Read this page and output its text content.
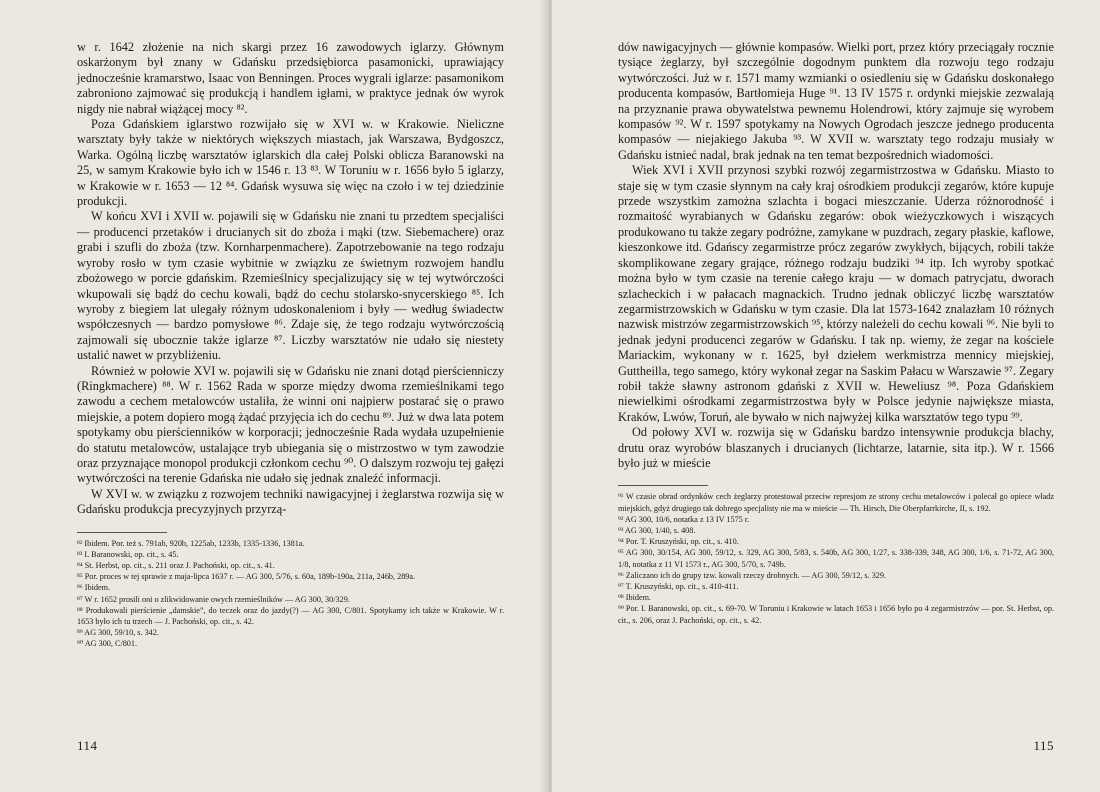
w r. 1642 złożenie na nich skargi przez 16 zawodowych iglarzy. Głównym oskarżonym był znany w Gdańsku przedsiębiorca pasamonicki, uprawiający jednocześnie kramarstwo, Isaac von Benningen. Proces wygrali iglarze: pasamonikom zabroniono zajmować się produkcją i handlem igłami, w praktyce jednak ów wyrok nigdy nie nabrał wiążącej mocy ⁸².

Poza Gdańskiem iglarstwo rozwijało się w XVI w. w Krakowie. Nieliczne warsztaty były także w niektórych większych miastach, jak Warszawa, Bydgoszcz, Warka. Ogólną liczbę warsztatów iglarskich dla całej Polski oblicza Baranowski na 25, w samym Krakowie było ich w 1546 r. 13 ⁸³. W Toruniu w r. 1656 było 5 iglarzy, w Krakowie w r. 1653 — 12 ⁸⁴. Gdańsk wysuwa się więc na czoło i w tej dziedzinie produkcji.

W końcu XVI i XVII w. pojawili się w Gdańsku nie znani tu przedtem specjaliści — producenci przetaków i drucianych sit do zboża i mąki (tzw. Siebemachere) oraz grabi i szufli do zboża (tzw. Kornharpenmachere). Zapotrzebowanie na tego rodzaju wyroby rosło w tym czasie wybitnie w związku ze świetnym rozwojem handlu zbożowego w porcie gdańskim. Rzemieślnicy specjalizujący się w tej wytwórczości wkupowali się bądź do cechu kowali, bądź do cechu stolarsko-snycerskiego ⁸⁵. Ich wyroby z biegiem lat ulegały różnym udoskonaleniom i były — według świadectw współczesnych — bardzo pomysłowe ⁸⁶. Zdaje się, że tego rodzaju wytwórczością zajmowali się ubocznie także iglarze ⁸⁷. Liczby warsztatów nie udało się niestety ustalić nawet w przybliżeniu.

Również w połowie XVI w. pojawili się w Gdańsku nie znani dotąd pierścienniczy (Ringkmachere) ⁸⁸. W r. 1562 Rada w sporze między dwoma rzemieślnikami tego zawodu a cechem metalowców ustaliła, że winni oni najpierw postarać się o prawo miejskie, a potem dopiero mogą żądać przyjęcia ich do cechu ⁸⁹. Już w dwa lata potem spotykamy obu pierścienników w korporacji; jednocześnie Rada wydała uzupełnienie do statutu metalowców, ustalające tryb ubiegania się o mistrzostwo w tym zawodzie oraz przyznające monopol produkcji członkom cechu ⁹⁰. O dalszym rozwoju tej gałęzi wytwórczości na terenie Gdańska nie udało się jednak znaleźć informacji.

W XVI w. w związku z rozwojem techniki nawigacyjnej i żeglarstwa rozwija się w Gdańsku produkcja precyzyjnych przyrzą-

⁸² Ibidem. Por. też s. 791ab, 920b, 1225ab, 1233b, 1335-1336, 1381a.

⁸³ I. Baranowski, op. cit., s. 45.

⁸⁴ St. Herbst, op. cit., s. 211 oraz J. Pachoński, op. cit., s. 41.

⁸⁵ Por. proces w tej sprawie z maja-lipca 1637 r. — AG 300, 5/76, s. 60a, 189b-190a, 211a, 246b, 289a.

⁸⁶ Ibidem.

⁸⁷ W r. 1652 prosili oni o zlikwidowanie owych rzemieślników — AG 300, 30/329.

⁸⁸ Produkowali pierścienie „damskie”, do teczek oraz do jazdy(?) — AG 300, C/801. Spotykamy ich także w Krakowie. W r. 1653 było ich tu trzech — J. Pachoński, op. cit., s. 42.

⁸⁹ AG 300, 59/10, s. 342.

⁹⁰ AG 300, C/801.

114

dów nawigacyjnych — głównie kompasów. Wielki port, przez który przeciągały rocznie tysiące żeglarzy, był szczególnie dogodnym punktem dla rozwoju tego rodzaju wytwórczości. Już w r. 1571 mamy wzmianki o osiedleniu się w Gdańsku doskonałego producenta kompasów, Bartłomieja Huge ⁹¹. 13 IV 1575 r. ordynki miejskie zezwalają na przyznanie prawa obywatelstwa pewnemu Holendrowi, który zajmuje się wyrobem kompasów ⁹². W r. 1597 spotykamy na Nowych Ogrodach jeszcze jednego producenta kompasów — niejakiego Jakuba ⁹³. W XVII w. warsztaty tego rodzaju musiały w Gdańsku istnieć nadal, brak jednak na ten temat bezpośrednich wiadomości.

Wiek XVI i XVII przynosi szybki rozwój zegarmistrzostwa w Gdańsku. Miasto to staje się w tym czasie słynnym na cały kraj ośrodkiem produkcji zegarów, które kupuje przede wszystkim zamożna szlachta i bogaci mieszczanie. Uderza różnorodność i rozmaitość wyrabianych w Gdańsku zegarów: obok wieżyczkowych i wiszących produkowano tu także zegary podróżne, zamykane w puzdrach, zegary płaskie, kaflowe, kieszonkowe itd. Gdańscy zegarmistrze prócz zegarów zwykłych, bijących, robili także skomplikowane zegary grające, różnego rodzaju budziki ⁹⁴ itp. Ich wyroby spotkać można było w tym czasie na terenie całego kraju — w domach patrycjatu, dworach szlacheckich i w pałacach magnackich. Trudno jednak obliczyć liczbę warsztatów zegarmistrzowskich w Gdańsku w tym czasie. Dla lat 1573-1642 znalazłam 10 różnych nazwisk mistrzów zegarmistrzowskich ⁹⁵, którzy należeli do cechu kowali ⁹⁶. Nie byli to jednak jedyni producenci zegarów w Gdańsku. I tak np. wiemy, że zegar na kościele Mariackim, wykonany w r. 1625, był dziełem werkmistrza mennicy miejskiej, Guttheilla, tego samego, który wykonał zegar na Saskim Pałacu w Warszawie ⁹⁷. Zegary robił także sławny astronom gdański z XVII w. Heweliusz ⁹⁸. Poza Gdańskiem niewielkimi ośrodkami zegarmistrzostwa były w Polsce jedynie największe miasta, Kraków, Lwów, Toruń, ale bywało w nich najwyżej kilka warsztatów tego typu ⁹⁹.

Od połowy XVI w. rozwija się w Gdańsku bardzo intensywnie produkcja blachy, drutu oraz wyrobów blaszanych i drucianych (lichtarze, latarnie, sita itp.). W r. 1566 było już w mieście

⁹¹ W czasie obrad ordynków cech żeglarzy protestował przeciw represjom ze strony cechu metalowców i polecał go opiece władz miejskich, gdyż drugiego tak dobrego specjalisty nie ma w mieście — Th. Hirsch, Die Oberpfarrkirche, II, s. 192.

⁹² AG 300, 10/6, notatka z 13 IV 1575 r.

⁹³ AG 300, 1/40, s. 408.

⁹⁴ Por. T. Kruszyński, op. cit., s. 410.

⁹⁵ AG 300, 30/154, AG 300, 59/12, s. 329, AG 300, 5/83, s. 540b, AG 300, 1/27, s. 338-339, 348, AG 300, 1/6, s. 71-72, AG 300, 1/8, notatka z 11 VI 1573 r., AG 300, 5/70, s. 749b.

⁹⁶ Zaliczano ich do grupy tzw. kowali rzeczy drobnych. — AG 300, 59/12, s. 329.

⁹⁷ T. Kruszyński, op. cit., s. 410-411.

⁹⁸ Ibidem.

⁹⁹ Por. I. Baranowski, op. cit., s. 69-70. W Toruniu i Krakowie w latach 1653 i 1656 było po 4 zegarmistrzów — por. St. Herbst, op. cit., s. 206, oraz J. Pachoński, op. cit., s. 42.

115
